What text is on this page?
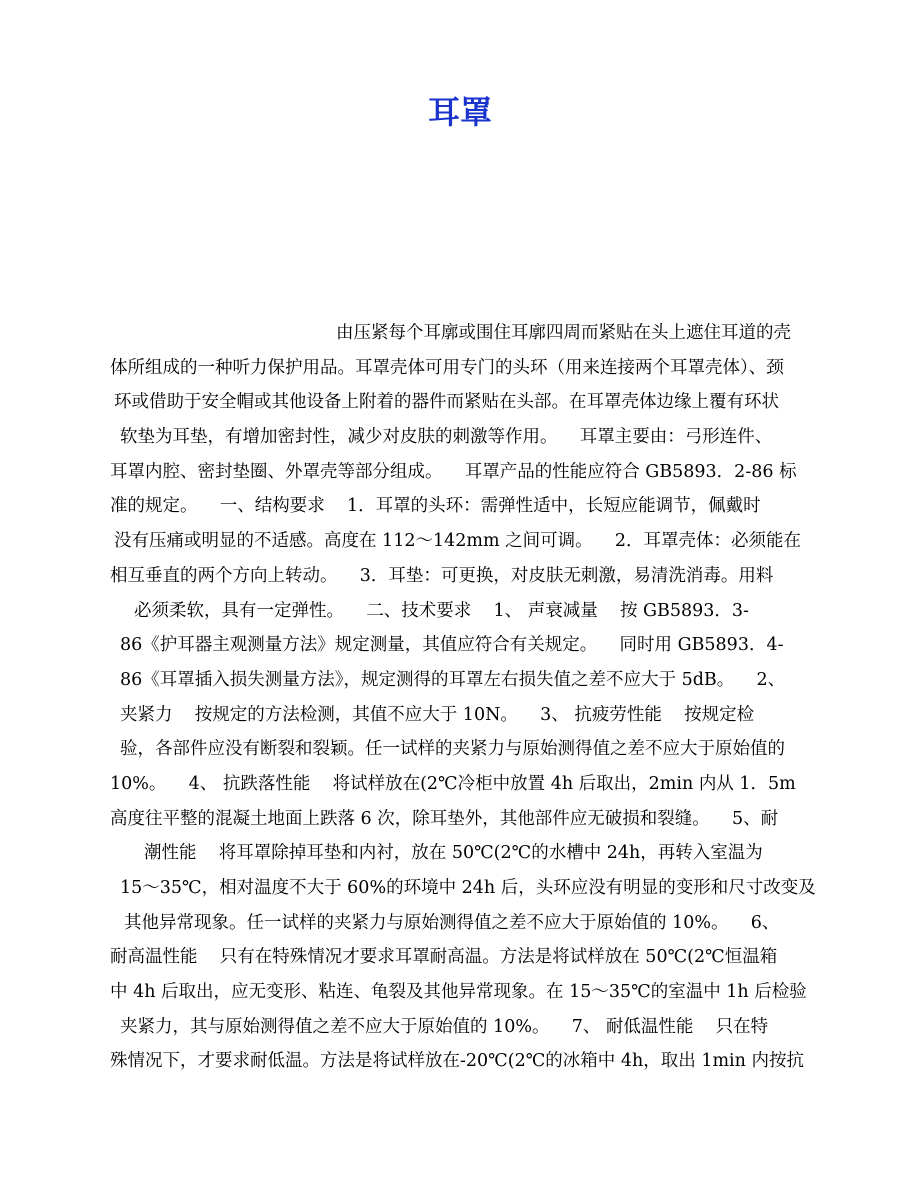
耳罩
由压紧每个耳廓或围住耳廓四周而紧贴在头上遮住耳道的壳
体所组成的一种听力保护用品。耳罩壳体可用专门的头环（用来连接两个耳罩壳体）、颈
环或借助于安全帽或其他设备上附着的器件而紧贴在头部。在耳罩壳体边缘上覆有环状
软垫为耳垫，有增加密封性，减少对皮肤的刺激等作用。    耳罩主要由：弓形连件、
耳罩内腔、密封垫圈、外罩壳等部分组成。    耳罩产品的性能应符合 GB5893．2-86 标
准的规定。    一、结构要求    1．耳罩的头环：需弹性适中，长短应能调节，佩戴时
没有压痛或明显的不适感。高度在 112～142mm 之间可调。    2．耳罩壳体：必须能在
相互垂直的两个方向上转动。    3．耳垫：可更换，对皮肤无刺激，易清洗消毒。用料
必须柔软，具有一定弹性。    二、技术要求    1、 声衰减量    按 GB5893．3-
86《护耳器主观测量方法》规定测量，其值应符合有关规定。    同时用 GB5893．4-
86《耳罩插入损失测量方法》，规定测得的耳罩左右损失值之差不应大于 5dB。    2、
夹紧力    按规定的方法检测，其值不应大于 10N。    3、 抗疲劳性能    按规定检
验，各部件应没有断裂和裂颖。任一试样的夹紧力与原始测得值之差不应大于原始值的
10%。    4、 抗跌落性能    将试样放在(2℃冷柜中放置 4h 后取出，2min 内从 1．5m
高度往平整的混凝土地面上跌落 6 次，除耳垫外，其他部件应无破损和裂缝。    5、耐
潮性能    将耳罩除掉耳垫和内衬，放在 50℃(2℃的水槽中 24h，再转入室温为
15～35℃，相对温度不大于 60%的环境中 24h 后，头环应没有明显的变形和尺寸改变及
其他异常现象。任一试样的夹紧力与原始测得值之差不应大于原始值的 10%。    6、
耐高温性能    只有在特殊情况才要求耳罩耐高温。方法是将试样放在 50℃(2℃恒温箱
中 4h 后取出，应无变形、粘连、龟裂及其他异常现象。在 15～35℃的室温中 1h 后检验
夹紧力，其与原始测得值之差不应大于原始值的 10%。    7、 耐低温性能    只在特
殊情况下，才要求耐低温。方法是将试样放在-20℃(2℃的冰箱中 4h，取出 1min 内按抗
